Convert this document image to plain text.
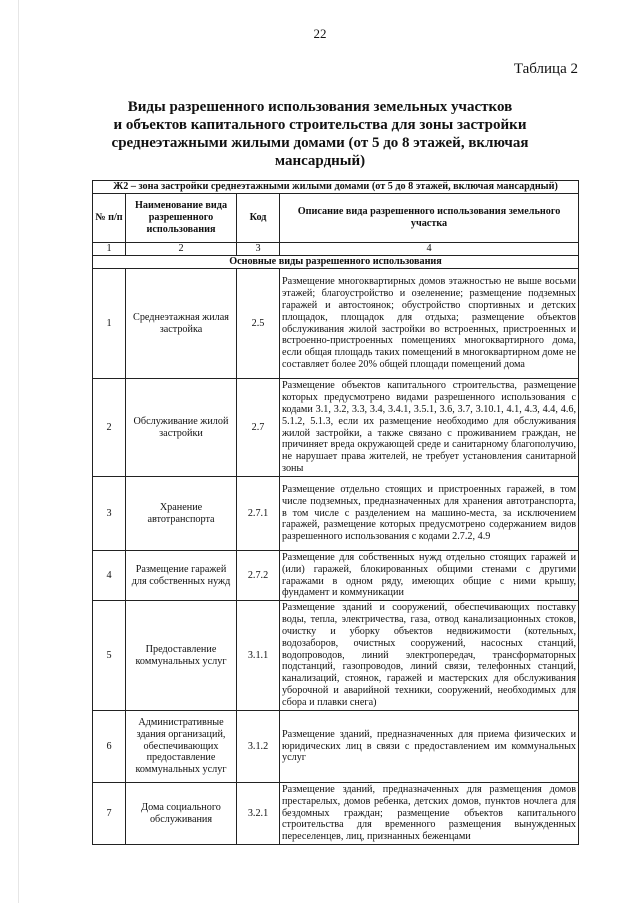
22
Таблица 2
Виды разрешенного использования земельных участков
и объектов капитального строительства для зоны застройки
среднеэтажными жилыми домами (от 5 до 8 этажей, включая
мансардный)
Ж2 – зона застройки среднеэтажными жилыми домами (от 5 до 8 этажей, включая мансардный)			
№ п/п	Наименование вида разрешенного использования	Код	Описание вида разрешенного использования земельного участка
1	2	3	4
Основные виды разрешенного использования			
1	Среднеэтажная жилая застройка	2.5	Размещение многоквартирных домов этажностью не выше восьми этажей; благоустройство и озеленение; размещение подземных гаражей и автостоянок; обустройство спортивных и детских площадок, площадок для отдыха; размещение объектов обслуживания жилой застройки во встроенных, пристроенных и встроенно-пристроенных помещениях многоквартирного дома, если общая площадь таких помещений в многоквартирном доме не составляет более 20% общей площади помещений дома
2	Обслуживание жилой застройки	2.7	Размещение объектов капитального строительства, размещение которых предусмотрено видами разрешенного использования с кодами 3.1, 3.2, 3.3, 3.4, 3.4.1, 3.5.1, 3.6, 3.7, 3.10.1, 4.1, 4.3, 4.4, 4.6, 5.1.2, 5.1.3, если их размещение необходимо для обслуживания жилой застройки, а также связано с проживанием граждан, не причиняет вреда окружающей среде и санитарному благополучию, не нарушает права жителей, не требует установления санитарной зоны
3	Хранение автотранспорта	2.7.1	Размещение отдельно стоящих и пристроенных гаражей, в том числе подземных, предназначенных для хранения автотранспорта, в том числе с разделением на машино-места, за исключением гаражей, размещение которых предусмотрено содержанием видов разрешенного использования с кодами 2.7.2, 4.9
4	Размещение гаражей для собственных нужд	2.7.2	Размещение для собственных нужд отдельно стоящих гаражей и (или) гаражей, блокированных общими стенами с другими гаражами в одном ряду, имеющих общие с ними крышу, фундамент и коммуникации
5	Предоставление коммунальных услуг	3.1.1	Размещение зданий и сооружений, обеспечивающих поставку воды, тепла, электричества, газа, отвод канализационных стоков, очистку и уборку объектов недвижимости (котельных, водозаборов, очистных сооружений, насосных станций, водопроводов, линий электропередач, трансформаторных подстанций, газопроводов, линий связи, телефонных станций, канализаций, стоянок, гаражей и мастерских для обслуживания уборочной и аварийной техники, сооружений, необходимых для сбора и плавки снега)
6	Административные здания организаций, обеспечивающих предоставление коммунальных услуг	3.1.2	Размещение зданий, предназначенных для приема физических и юридических лиц в связи с предоставлением им коммунальных услуг
7	Дома социального обслуживания	3.2.1	Размещение зданий, предназначенных для размещения домов престарелых, домов ребенка, детских домов, пунктов ночлега для бездомных граждан; размещение объектов капитального строительства для временного размещения вынужденных переселенцев, лиц, признанных беженцами
